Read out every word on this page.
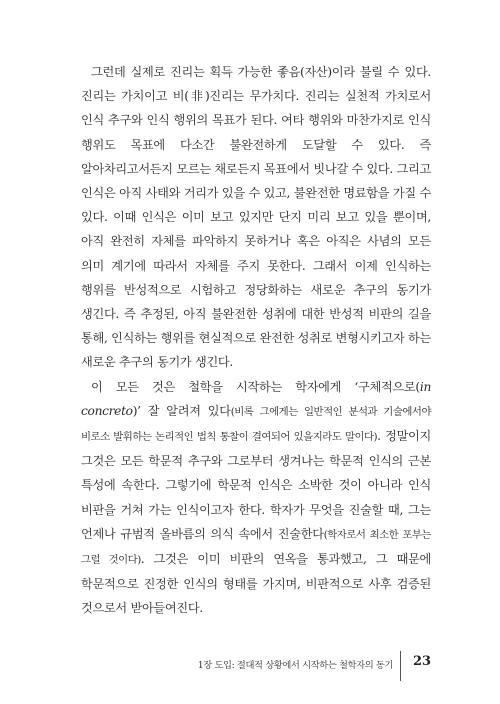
그런데 실제로 진리는 획득 가능한 좋음(자산)이라 불릴 수 있다. 진리는 가치이고 비(非)진리는 무가치다. 진리는 실천적 가치로서 인식 추구와 인식 행위의 목표가 된다. 여타 행위와 마찬가지로 인식 행위도 목표에 다소간 불완전하게 도달할 수 있다. 즉 알아차리고서든지 모르는 채로든지 목표에서 빗나갈 수 있다. 그리고 인식은 아직 사태와 거리가 있을 수 있고, 불완전한 명료함을 가질 수 있다. 이때 인식은 이미 보고 있지만 단지 미리 보고 있을 뿐이며, 아직 완전히 자체를 파악하지 못하거나 혹은 아직은 사념의 모든 의미 계기에 따라서 자체를 주지 못한다. 그래서 이제 인식하는 행위를 반성적으로 시험하고 정당화하는 새로운 추구의 동기가 생긴다. 즉 추정된, 아직 불완전한 성취에 대한 반성적 비판의 길을 통해, 인식하는 행위를 현실적으로 완전한 성취로 변형시키고자 하는 새로운 추구의 동기가 생긴다.

이 모든 것은 철학을 시작하는 학자에게 ‘구체적으로(in concreto)’ 잘 알려져 있다(비록 그에게는 일반적인 분석과 기술에서야 비로소 발휘하는 논리적인 법칙 통찰이 결여되어 있을지라도 말이다). 정말이지 그것은 모든 학문적 추구와 그로부터 생겨나는 학문적 인식의 근본 특성에 속한다. 그렇기에 학문적 인식은 소박한 것이 아니라 인식 비판을 거쳐 가는 인식이고자 한다. 학자가 무엇을 진술할 때, 그는 언제나 규범적 올바름의 의식 속에서 진술한다(학자로서 최소한 포부는 그럴 것이다). 그것은 이미 비판의 연옥을 통과했고, 그 때문에 학문적으로 진정한 인식의 형태를 가지며, 비판적으로 사후 검증된 것으로서 받아들여진다.

1장 도입: 절대적 상황에서 시작하는 철학자의 동기 23
